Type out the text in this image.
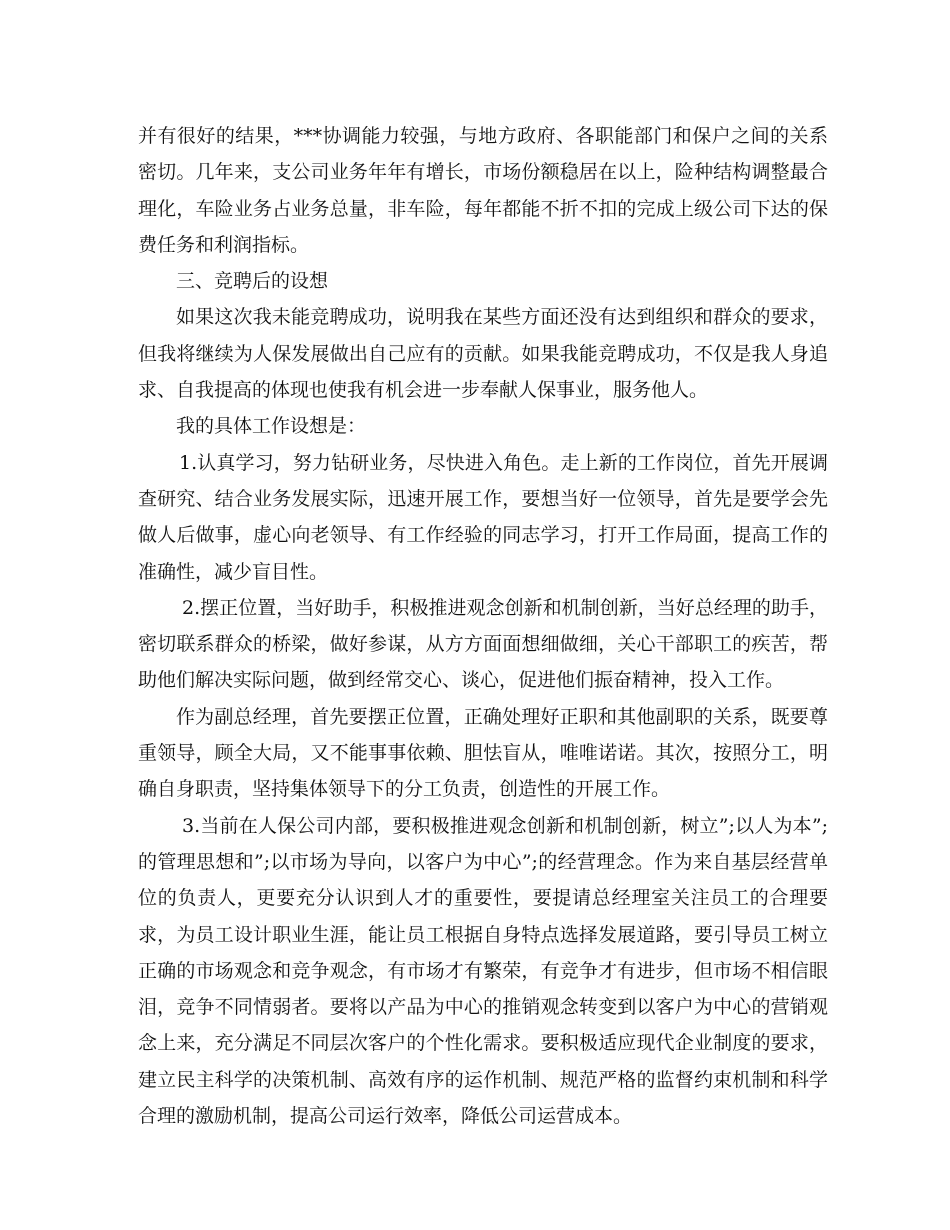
并有很好的结果，***协调能力较强，与地方政府、各职能部门和保户之间的关系密切。几年来，支公司业务年年有增长，市场份额稳居在以上，险种结构调整最合理化，车险业务占业务总量，非车险，每年都能不折不扣的完成上级公司下达的保费任务和利润指标。

三、竞聘后的设想

如果这次我未能竞聘成功，说明我在某些方面还没有达到组织和群众的要求，但我将继续为人保发展做出自己应有的贡献。如果我能竞聘成功，不仅是我人身追求、自我提高的体现也使我有机会进一步奉献人保事业，服务他人。

我的具体工作设想是：

1.认真学习，努力钻研业务，尽快进入角色。走上新的工作岗位，首先开展调查研究、结合业务发展实际，迅速开展工作，要想当好一位领导，首先是要学会先做人后做事，虚心向老领导、有工作经验的同志学习，打开工作局面，提高工作的准确性，减少盲目性。

2.摆正位置，当好助手，积极推进观念创新和机制创新，当好总经理的助手，密切联系群众的桥梁，做好参谋，从方方面面想细做细，关心干部职工的疾苦，帮助他们解决实际问题，做到经常交心、谈心，促进他们振奋精神，投入工作。

作为副总经理，首先要摆正位置，正确处理好正职和其他副职的关系，既要尊重领导，顾全大局，又不能事事依赖、胆怯盲从，唯唯诺诺。其次，按照分工，明确自身职责，坚持集体领导下的分工负责，创造性的开展工作。

3.当前在人保公司内部，要积极推进观念创新和机制创新，树立”;以人为本”;的管理思想和”;以市场为导向，以客户为中心”;的经营理念。作为来自基层经营单位的负责人，更要充分认识到人才的重要性，要提请总经理室关注员工的合理要求，为员工设计职业生涯，能让员工根据自身特点选择发展道路，要引导员工树立正确的市场观念和竞争观念，有市场才有繁荣，有竞争才有进步，但市场不相信眼泪，竞争不同情弱者。要将以产品为中心的推销观念转变到以客户为中心的营销观念上来，充分满足不同层次客户的个性化需求。要积极适应现代企业制度的要求，建立民主科学的决策机制、高效有序的运作机制、规范严格的监督约束机制和科学合理的激励机制，提高公司运行效率，降低公司运营成本。
